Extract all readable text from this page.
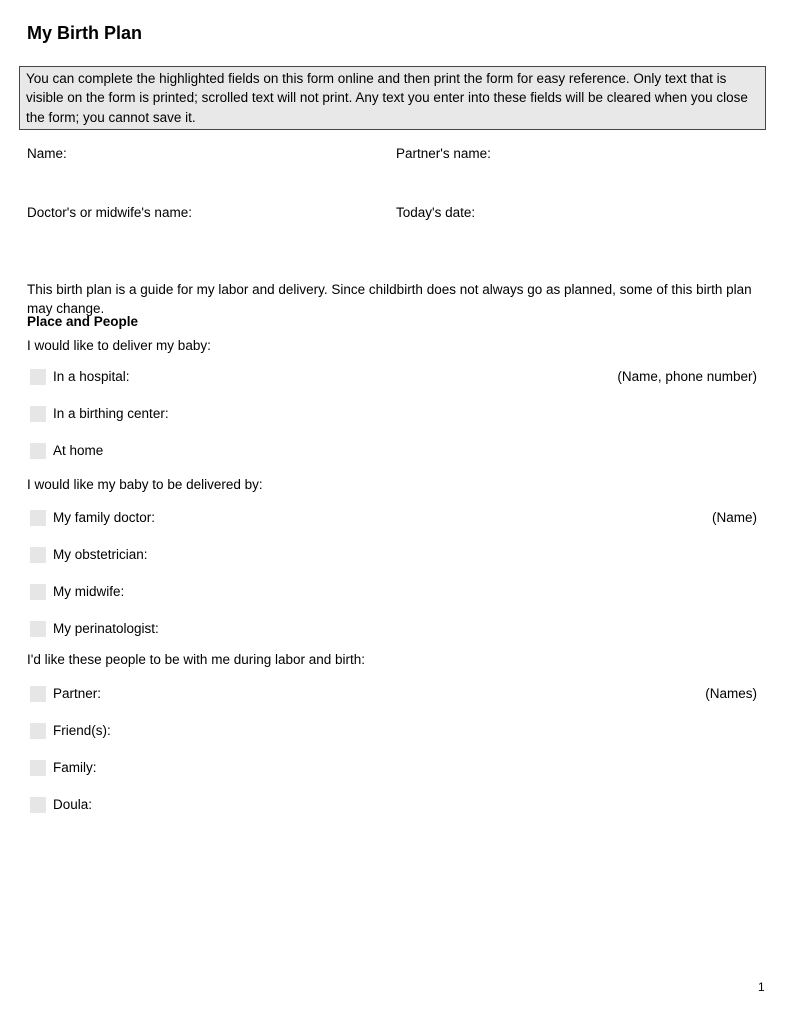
My Birth Plan
You can complete the highlighted fields on this form online and then print the form for easy reference. Only text that is visible on the form is printed; scrolled text will not print. Any text you enter into these fields will be cleared when you close the form; you cannot save it.
Name:	Partner's name:
Doctor's or midwife's name:	Today's date:

This birth plan is a guide for my labor and delivery. Since childbirth does not always go as planned, some of this birth plan may change.

Place and People
I would like to deliver my baby:
In a hospital:	(Name, phone number)
In a birthing center:
At home
I would like my baby to be delivered by:
My family doctor:	(Name)
My obstetrician:
My midwife:
My perinatologist:
I'd like these people to be with me during labor and birth:
Partner:	(Names)
Friend(s):
Family:
Doula:
1
